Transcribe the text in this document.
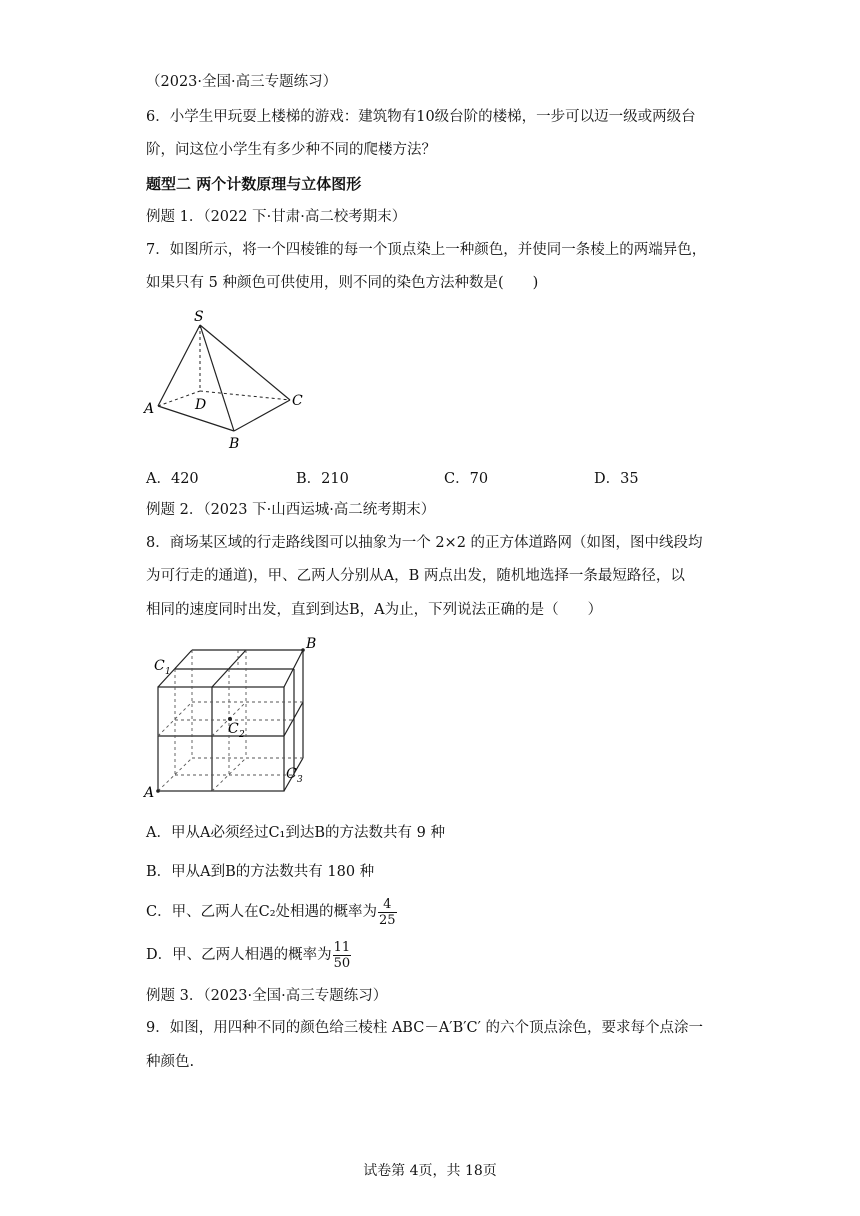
（2023·全国·高三专题练习）
6．小学生甲玩耍上楼梯的游戏：建筑物有10级台阶的楼梯，一步可以迈一级或两级台
阶，问这位小学生有多少种不同的爬楼方法？
题型二 两个计数原理与立体图形
例题 1．（2022 下·甘肃·高二校考期末）
7．如图所示，将一个四棱锥的每一个顶点染上一种颜色，并使同一条棱上的两端异色，
如果只有 5 种颜色可供使用，则不同的染色方法种数是(　　)
S
A	D	C
B
A．420	B．210	C．70	D．35
例题 2．（2023 下·山西运城·高二统考期末）
8．商场某区域的行走路线图可以抽象为一个 2×2 的正方体道路网（如图，图中线段均
为可行走的通道)，甲、乙两人分别从A，B 两点出发，随机地选择一条最短路径，以
相同的速度同时出发，直到到达B，A为止，下列说法正确的是（　　）
B
C 1
C 2
C 3
A
A．甲从A必须经过C₁到达B的方法数共有 9 种
B．甲从A到B的方法数共有 180 种
C．甲、乙两人在C₂处相遇的概率为 $\frac{4}{25}$
D．甲、乙两人相遇的概率为 $\frac{11}{50}$
例题 3．（2023·全国·高三专题练习）
9．如图，用四种不同的颜色给三棱柱 ABC－A′B′C′ 的六个顶点涂色，要求每个点涂一
种颜色.
试卷第 4页，共 18页
